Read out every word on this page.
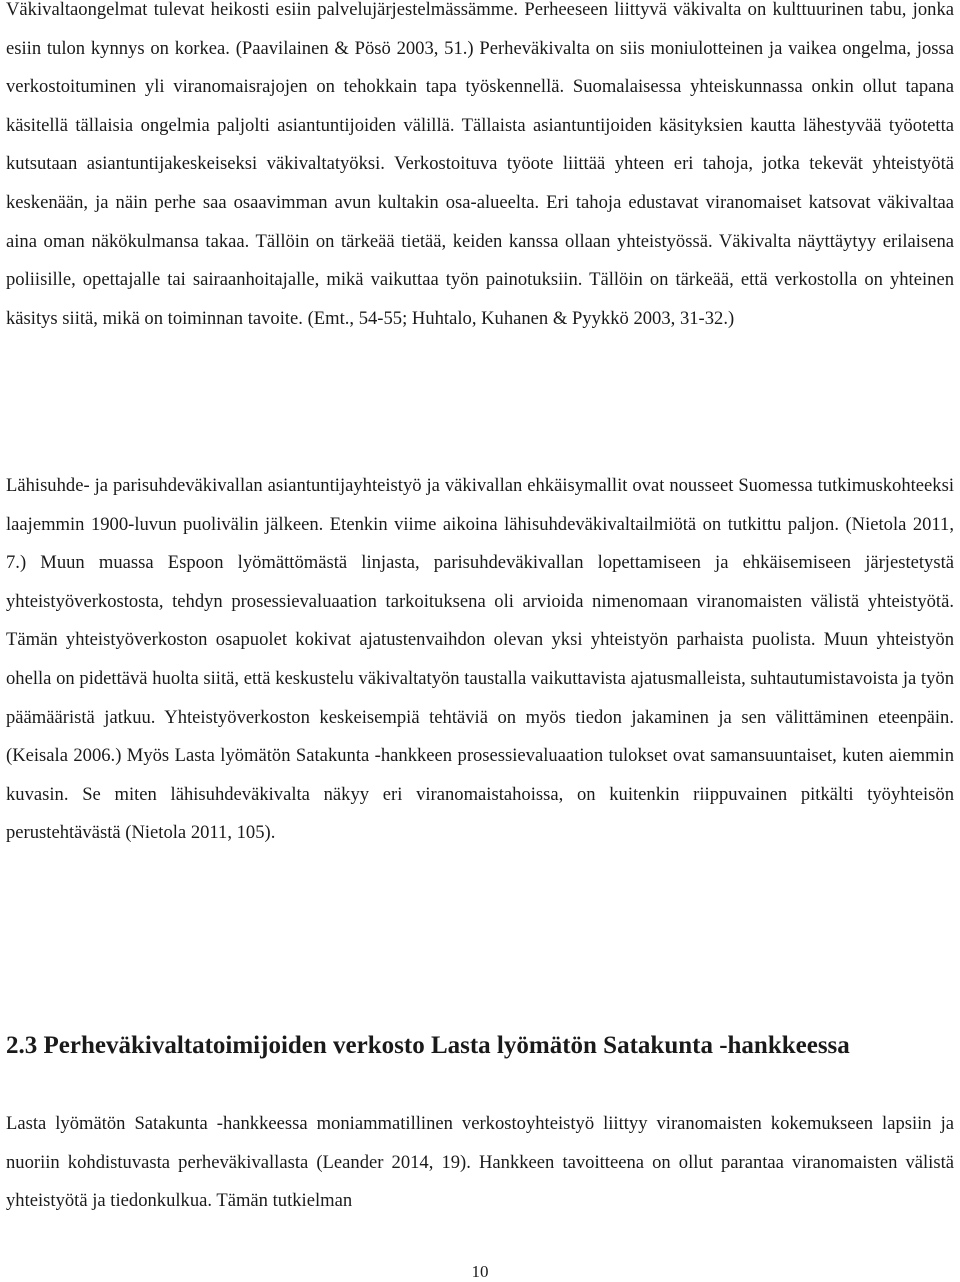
Väkivaltaongelmat tulevat heikosti esiin palvelujärjestelmässämme. Perheeseen liittyvä väkivalta on kulttuurinen tabu, jonka esiin tulon kynnys on korkea. (Paavilainen & Pösö 2003, 51.) Perheväkivalta on siis moniulotteinen ja vaikea ongelma, jossa verkostoituminen yli viranomaisrajojen on tehokkain tapa työskennellä. Suomalaisessa yhteiskunnassa onkin ollut tapana käsitellä tällaisia ongelmia paljolti asiantuntijoiden välillä. Tällaista asiantuntijoiden käsityksien kautta lähestyvää työotetta kutsutaan asiantuntijakeskeiseksi väkivaltatyöksi. Verkostoituva työote liittää yhteen eri tahoja, jotka tekevät yhteistyötä keskenään, ja näin perhe saa osaavimman avun kultakin osa-alueelta. Eri tahoja edustavat viranomaiset katsovat väkivaltaa aina oman näkökulmansa takaa. Tällöin on tärkeää tietää, keiden kanssa ollaan yhteistyössä. Väkivalta näyttäytyy erilaisena poliisille, opettajalle tai sairaanhoitajalle, mikä vaikuttaa työn painotuksiin. Tällöin on tärkeää, että verkostolla on yhteinen käsitys siitä, mikä on toiminnan tavoite. (Emt., 54-55; Huhtalo, Kuhanen & Pyykkö 2003, 31-32.)

Lähisuhde- ja parisuhdeväkivallan asiantuntijayhteistyö ja väkivallan ehkäisymallit ovat nousseet Suomessa tutkimuskohteeksi laajemmin 1900-luvun puolivälin jälkeen. Etenkin viime aikoina lähisuhdeväkivaltailmiötä on tutkittu paljon. (Nietola 2011, 7.) Muun muassa Espoon lyömättömästä linjasta, parisuhdeväkivallan lopettamiseen ja ehkäisemiseen järjestetystä yhteistyöverkostosta, tehdyn prosessievaluaation tarkoituksena oli arvioida nimenomaan viranomaisten välistä yhteistyötä. Tämän yhteistyöverkoston osapuolet kokivat ajatustenvaihdon olevan yksi yhteistyön parhaista puolista. Muun yhteistyön ohella on pidettävä huolta siitä, että keskustelu väkivaltatyön taustalla vaikuttavista ajatusmalleista, suhtautumistavoista ja työn päämääristä jatkuu. Yhteistyöverkoston keskeisempiä tehtäviä on myös tiedon jakaminen ja sen välittäminen eteenpäin. (Keisala 2006.) Myös Lasta lyömätön Satakunta -hankkeen prosessievaluaation tulokset ovat samansuuntaiset, kuten aiemmin kuvasin. Se miten lähisuhdeväkivalta näkyy eri viranomaistahoissa, on kuitenkin riippuvainen pitkälti työyhteisön perustehtävästä (Nietola 2011, 105).

2.3 Perheväkivaltatoimijoiden verkosto Lasta lyömätön Satakunta -hankkeessa

Lasta lyömätön Satakunta -hankkeessa moniammatillinen verkostoyhteistyö liittyy viranomaisten kokemukseen lapsiin ja nuoriin kohdistuvasta perheväkivallasta (Leander 2014, 19). Hankkeen tavoitteena on ollut parantaa viranomaisten välistä yhteistyötä ja tiedonkulkua. Tämän tutkielman

10
